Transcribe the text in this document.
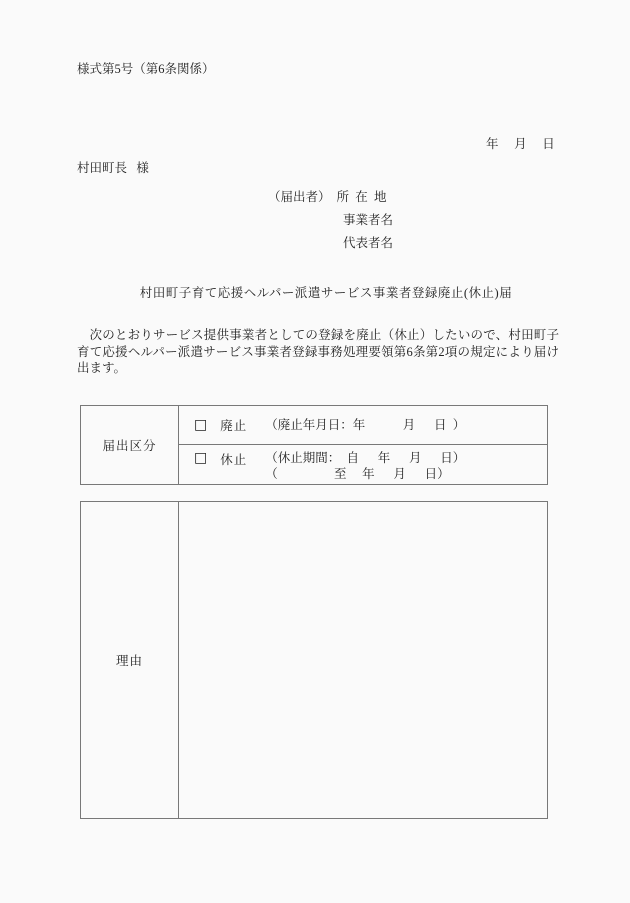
様式第5号（第6条関係）
年     月     日
村田町長   様
（届出者） 所  在  地
事業者名
代表者名
村田町子育て応援ヘルパー派遣サービス事業者登録廃止(休止)届
次のとおりサービス提供事業者としての登録を廃止（休止）したいので、村田町子育て応援ヘルパー派遣サービス事業者登録事務処理要領第6条第2項の規定により届け出ます。
届出区分
□ 廃止 （廃止年月日：年            月      日  ）
□ 休止 （休止期間：  自      年      月      日）
（                  至     年      月      日）
理由
